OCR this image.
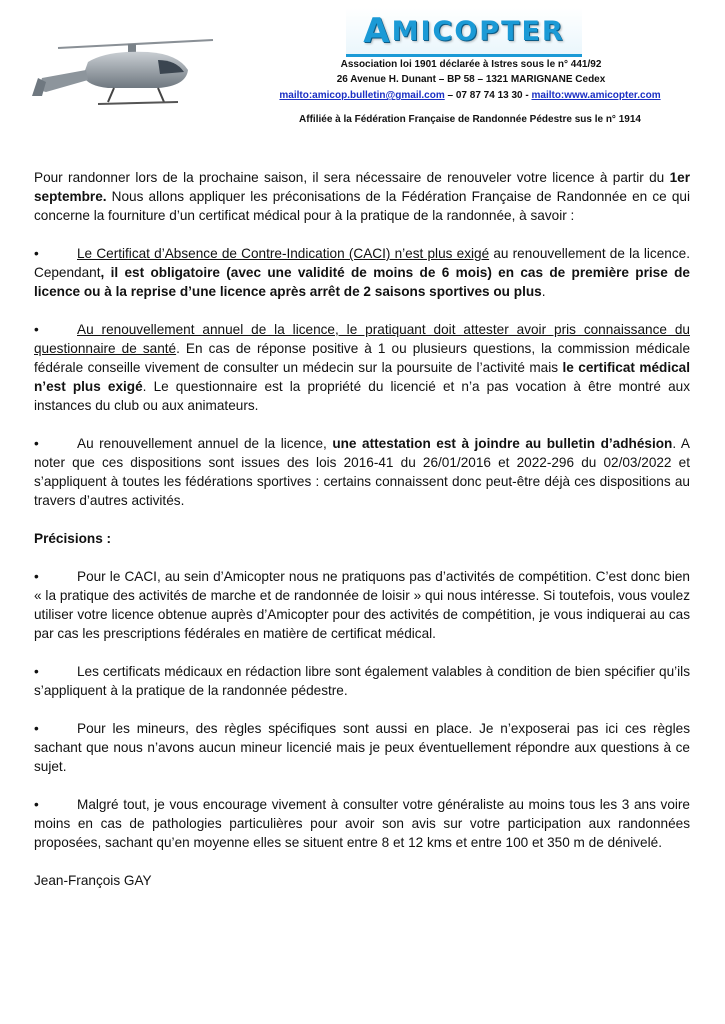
A MICOPTER
Association loi 1901 déclarée à Istres sous le n° 441/92
26 Avenue H. Dunant – BP 58 – 1321 MARIGNANE Cedex
mailto:amicop.bulletin@gmail.com – 07 87 74 13 30 - mailto:www.amicopter.com
Affiliée à la Fédération Française de Randonnée Pédestre sus le n° 1914

Pour randonner lors de la prochaine saison, il sera nécessaire de renouveler votre licence à partir du 1er septembre. Nous allons appliquer les préconisations de la Fédération Française de Randonnée en ce qui concerne la fourniture d’un certificat médical pour à la pratique de la randonnée, à savoir :

•	Le Certificat d’Absence de Contre-Indication (CACI) n’est plus exigé au renouvellement de la licence. Cependant, il est obligatoire (avec une validité de moins de 6 mois) en cas de première prise de licence ou à la reprise d’une licence après arrêt de 2 saisons sportives ou plus.

•	Au renouvellement annuel de la licence, le pratiquant doit attester avoir pris connaissance du questionnaire de santé. En cas de réponse positive à 1 ou plusieurs questions, la commission médicale fédérale conseille vivement de consulter un médecin sur la poursuite de l’activité mais le certificat médical n’est plus exigé. Le questionnaire est la propriété du licencié et n’a pas vocation à être montré aux instances du club ou aux animateurs.

•	Au renouvellement annuel de la licence, une attestation est à joindre au bulletin d’adhésion. A noter que ces dispositions sont issues des lois 2016-41 du 26/01/2016 et 2022-296 du 02/03/2022 et s’appliquent à toutes les fédérations sportives : certains connaissent donc peut-être déjà ces dispositions au travers d’autres activités.

Précisions :

•	Pour le CACI, au sein d’Amicopter nous ne pratiquons pas d’activités de compétition. C’est donc bien « la pratique des activités de marche et de randonnée de loisir » qui nous intéresse. Si toutefois, vous voulez utiliser votre licence obtenue auprès d’Amicopter pour des activités de compétition, je vous indiquerai au cas par cas les prescriptions fédérales en matière de certificat médical.

•	Les certificats médicaux en rédaction libre sont également valables à condition de bien spécifier qu’ils s’appliquent à la pratique de la randonnée pédestre.

•	Pour les mineurs, des règles spécifiques sont aussi en place. Je n’exposerai pas ici ces règles sachant que nous n’avons aucun mineur licencié mais je peux éventuellement répondre aux questions à ce sujet.

•	Malgré tout, je vous encourage vivement à consulter votre généraliste au moins tous les 3 ans voire moins en cas de pathologies particulières pour avoir son avis sur votre participation aux randonnées proposées, sachant qu’en moyenne elles se situent entre 8 et 12 kms et entre 100 et 350 m de dénivelé.

Jean-François GAY
